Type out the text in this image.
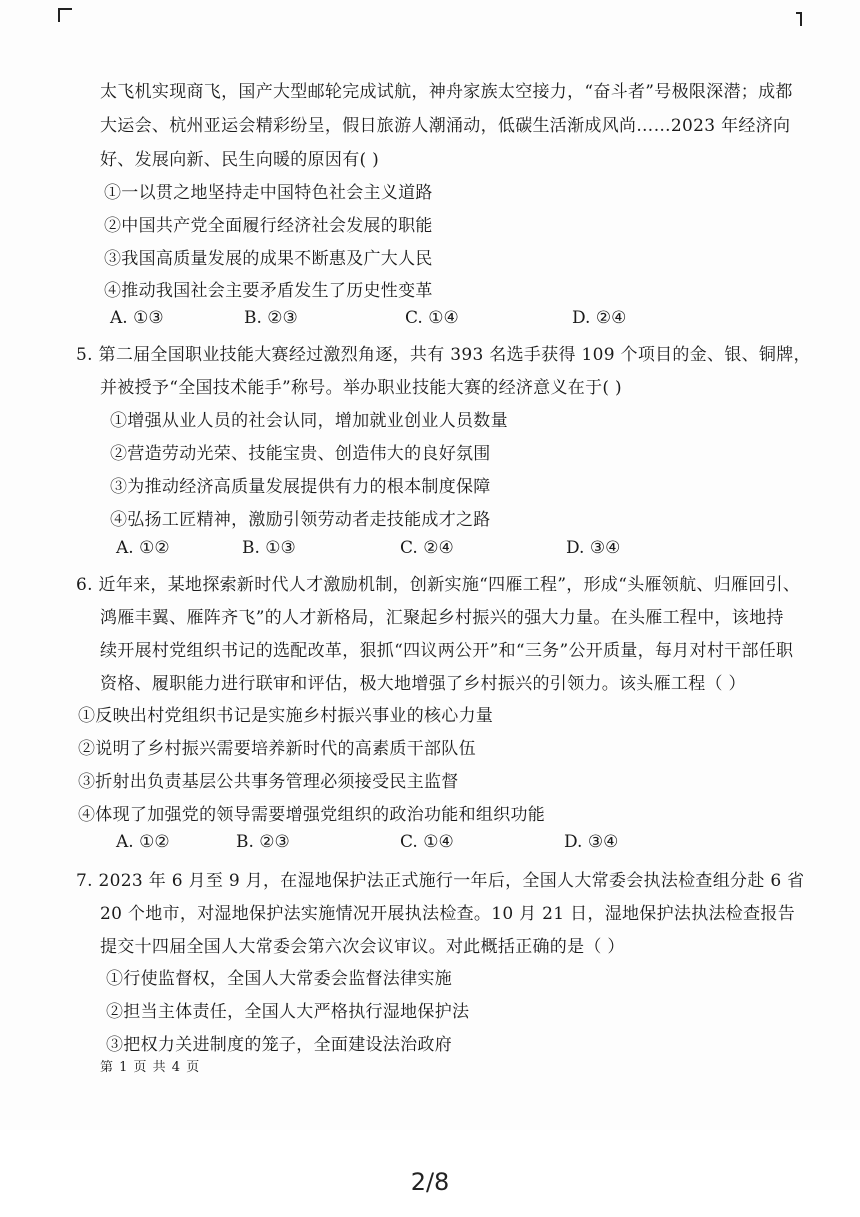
太飞机实现商飞，国产大型邮轮完成试航，神舟家族太空接力，“奋斗者”号极限深潜；成都
大运会、杭州亚运会精彩纷呈，假日旅游人潮涌动，低碳生活渐成风尚……2023 年经济向
好、发展向新、民生向暖的原因有( )
①一以贯之地坚持走中国特色社会主义道路
②中国共产党全面履行经济社会发展的职能
③我国高质量发展的成果不断惠及广大人民
④推动我国社会主要矛盾发生了历史性变革
A. ①③	B. ②③	C. ①④	D. ②④
5. 第二届全国职业技能大赛经过激烈角逐，共有 393 名选手获得 109 个项目的金、银、铜牌，
并被授予“全国技术能手”称号。举办职业技能大赛的经济意义在于( )
①增强从业人员的社会认同，增加就业创业人员数量
②营造劳动光荣、技能宝贵、创造伟大的良好氛围
③为推动经济高质量发展提供有力的根本制度保障
④弘扬工匠精神，激励引领劳动者走技能成才之路
A. ①②	B. ①③	C. ②④	D. ③④
6. 近年来，某地探索新时代人才激励机制，创新实施“四雁工程”，形成“头雁领航、归雁回引、
鸿雁丰翼、雁阵齐飞”的人才新格局，汇聚起乡村振兴的强大力量。在头雁工程中，该地持
续开展村党组织书记的选配改革，狠抓“四议两公开”和“三务”公开质量，每月对村干部任职
资格、履职能力进行联审和评估，极大地增强了乡村振兴的引领力。该头雁工程（ ）
①反映出村党组织书记是实施乡村振兴事业的核心力量
②说明了乡村振兴需要培养新时代的高素质干部队伍
③折射出负责基层公共事务管理必须接受民主监督
④体现了加强党的领导需要增强党组织的政治功能和组织功能
A. ①②	B. ②③	C. ①④	D. ③④
7. 2023 年 6 月至 9 月，在湿地保护法正式施行一年后，全国人大常委会执法检查组分赴 6 省
20 个地市，对湿地保护法实施情况开展执法检查。10 月 21 日，湿地保护法执法检查报告
提交十四届全国人大常委会第六次会议审议。对此概括正确的是（ ）
①行使监督权，全国人大常委会监督法律实施
②担当主体责任，全国人大严格执行湿地保护法
③把权力关进制度的笼子，全面建设法治政府
第 1 页 共 4 页
2/8
